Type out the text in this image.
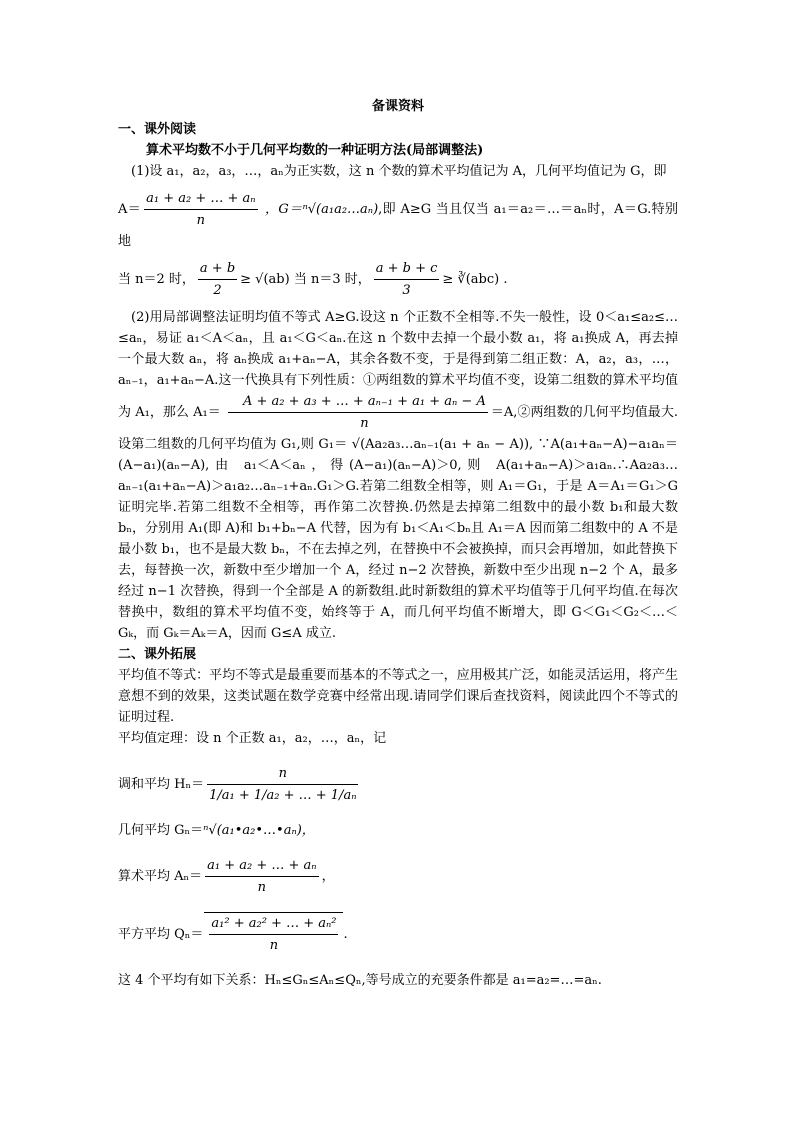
备课资料
一、课外阅读
算术平均数不小于几何平均数的一种证明方法(局部调整法)

(1)设 a₁，a₂，a₃，…，aₙ为正实数，这 n 个数的算术平均值记为 A，几何平均值记为 G，即

$A= \frac{\text{a₁ + a₂ + … + aₙ}}{n}$ ，G＝ⁿ√(a₁a₂…aₙ),即 A≥G 当且仅当 a₁＝a₂＝…＝aₙ时，A＝G.特别地

当 n＝2 时， $\frac{a + b}{2} \ge √(ab)$ 当 n＝3 时， $\frac{a + b + c}{3}$ ≥ ∛(abc) .

(2)用局部调整法证明均值不等式 A≥G.设这 n 个正数不全相等.不失一般性，设 0＜a₁≤a₂≤…≤aₙ，易证 a₁＜A＜aₙ，且 a₁＜G＜aₙ.在这 n 个数中去掉一个最小数 a₁，将 a₁换成 A，再去掉一个最大数 aₙ，将 aₙ换成 a₁+aₙ−A，其余各数不变，于是得到第二组正数：A，a₂，a₃，…，aₙ₋₁，a₁+aₙ−A.这一代换具有下列性质：①两组数的算术平均值不变，设第二组数的算术平均值为 A₁，那么 $A_1= \frac{\text{A + a₂ + a₃ + … + aₙ₋₁ + a₁ + aₙ − A}}{n}$ ＝A,②两组数的几何平均值最大.设第二组数的几何平均值为 G₁,则 G₁＝ √(Aa₂a₃…aₙ₋₁(a₁ + aₙ − A)), ∵A(a₁+aₙ−A)−a₁aₙ＝(A−a₁)(aₙ−A),由 a₁＜A＜aₙ，得(A−a₁)(aₙ−A)＞0,则 A(a₁+aₙ−A)＞a₁aₙ.∴Aa₂a₃…aₙ₋₁(a₁+aₙ−A)＞a₁a₂…aₙ₋₁+aₙ.G₁＞G.若第二组数全相等，则 A₁＝G₁，于是 A＝A₁＝G₁＞G 证明完毕.若第二组数不全相等，再作第二次替换.仍然是去掉第二组数中的最小数 b₁和最大数 bₙ，分别用 A₁(即 A)和 b₁+bₙ−A 代替，因为有 b₁＜A₁＜bₙ且 A₁＝A 因而第二组数中的 A 不是最小数 b₁，也不是最大数 bₙ，不在去掉之列，在替换中不会被换掉，而只会再增加，如此替换下去，每替换一次，新数中至少增加一个 A，经过 n−2 次替换，新数中至少出现 n−2 个 A，最多经过 n−1 次替换，得到一个全部是 A 的新数组.此时新数组的算术平均值等于几何平均值.在每次替换中，数组的算术平均值不变，始终等于 A，而几何平均值不断增大，即 G＜G₁＜G₂＜…＜Gₖ，而 Gₖ＝Aₖ＝A，因而 G≤A 成立.

二、课外拓展

平均值不等式：平均不等式是最重要而基本的不等式之一，应用极其广泛，如能灵活运用，将产生意想不到的效果，这类试题在数学竞赛中经常出现.请同学们课后查找资料，阅读此四个不等式的证明过程.

平均值定理：设 n 个正数 a₁，a₂，…，aₙ，记

调和平均 $H_n= \frac{n}{\text{1/a₁ + 1/a₂ + … + 1/aₙ}}$

几何平均 Gₙ＝ⁿ√(a₁•a₂•…•aₙ)，

算术平均 $A_n= \frac{\text{a₁ + a₂ + … + aₙ}}{n}$ ，

平方平均 $Q_n= \frac{\text{a₁² + a₂² + … + aₙ²}}{n}$ .

这 4 个平均有如下关系：Hₙ≤Gₙ≤Aₙ≤Qₙ,等号成立的充要条件都是 a₁=a₂=…=aₙ.
